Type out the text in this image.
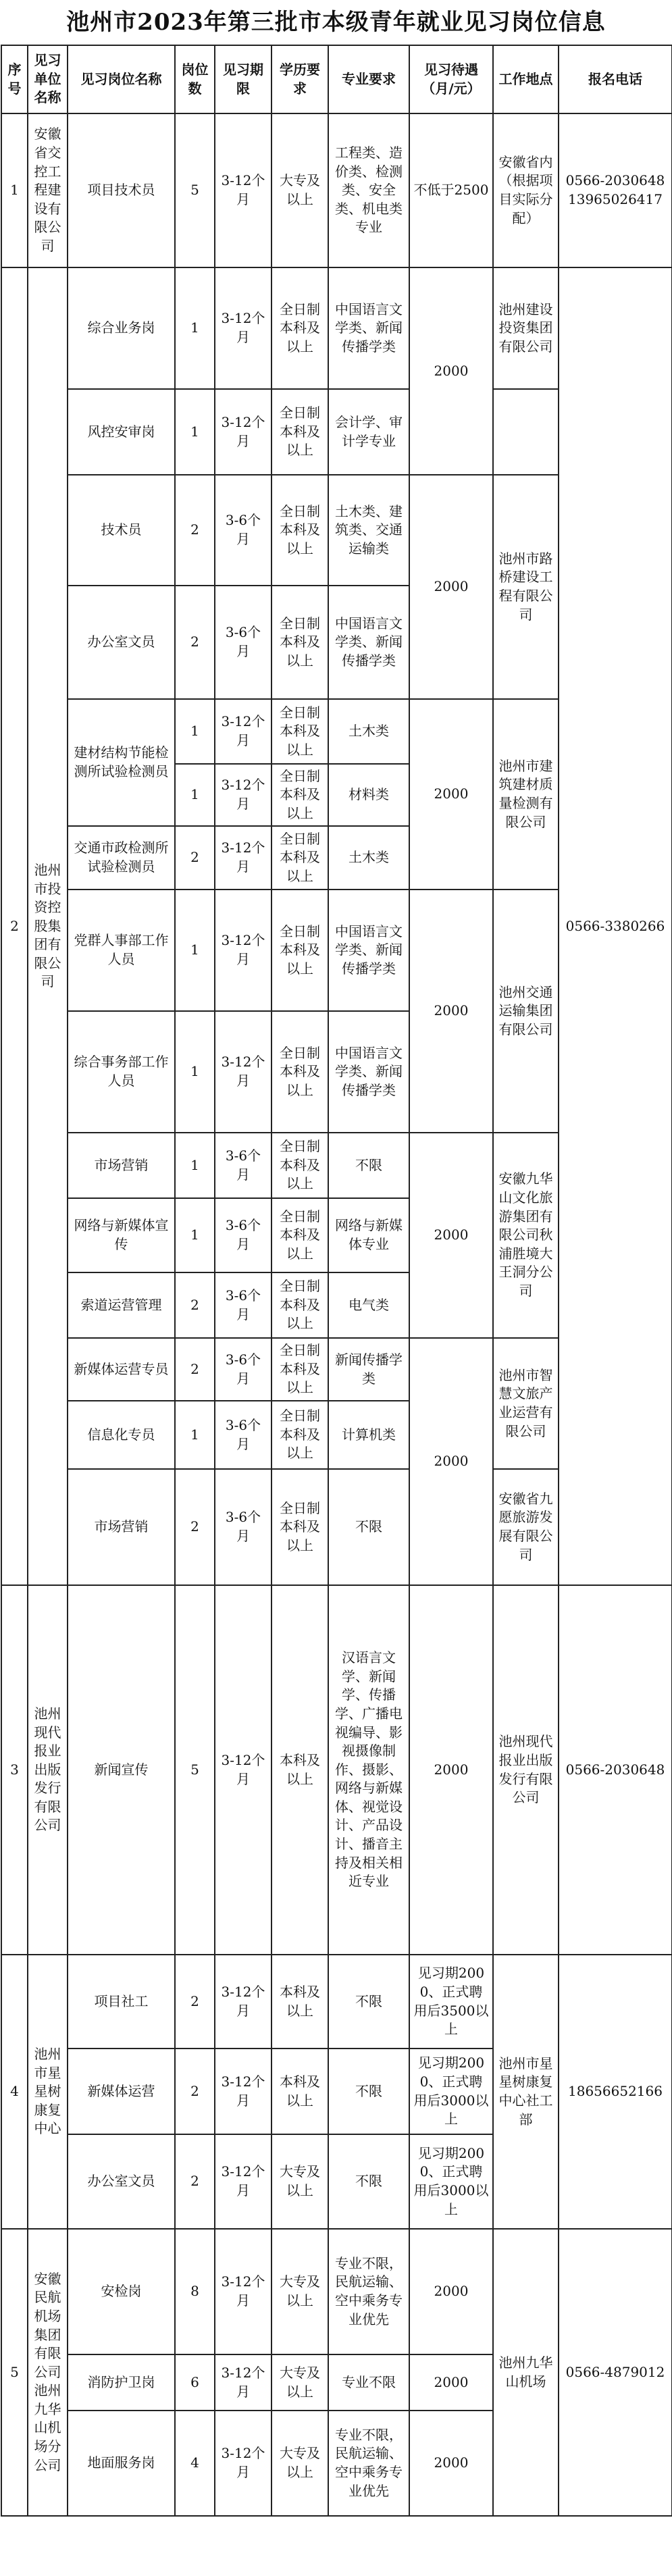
池州市2023年第三批市本级青年就业见习岗位信息
序号	见习单位名称	见习岗位名称	岗位数	见习期限	学历要求	专业要求	见习待遇（月/元）	工作地点	报名电话
1	安徽省交控工程建设有限公司	项目技术员	5	3-12个月	大专及以上	工程类、造价类、检测类、安全类、机电类专业	不低于2500	安徽省内（根据项目实际分配）	0566-2030648 13965026417
2	池州市投资控股集团有限公司	综合业务岗	1	3-12个月	全日制本科及以上	中国语言文学类、新闻传播学类	2000	池州建设投资集团有限公司	0566-3380266
		风控安审岗	1	3-12个月	全日制本科及以上	会计学、审计学专业			
		技术员	2	3-6个月	全日制本科及以上	土木类、建筑类、交通运输类	2000	池州市路桥建设工程有限公司	
		办公室文员	2	3-6个月	全日制本科及以上	中国语言文学类、新闻传播学类			
		建材结构节能检测所试验检测员	1	3-12个月	全日制本科及以上	土木类	2000	池州市建筑建材质量检测有限公司	
			1	3-12个月	全日制本科及以上	材料类			
		交通市政检测所试验检测员	2	3-12个月	全日制本科及以上	土木类			
		党群人事部工作人员	1	3-12个月	全日制本科及以上	中国语言文学类、新闻传播学类	2000	池州交通运输集团有限公司	
		综合事务部工作人员	1	3-12个月	全日制本科及以上	中国语言文学类、新闻传播学类			
		市场营销	1	3-6个月	全日制本科及以上	不限	2000	安徽九华山文化旅游集团有限公司秋浦胜境大王洞分公司	
		网络与新媒体宣传	1	3-6个月	全日制本科及以上	网络与新媒体专业			
		索道运营管理	2	3-6个月	全日制本科及以上	电气类			
		新媒体运营专员	2	3-6个月	全日制本科及以上	新闻传播学类	2000	池州市智慧文旅产业运营有限公司	
		信息化专员	1	3-6个月	全日制本科及以上	计算机类			
		市场营销	2	3-6个月	全日制本科及以上	不限		安徽省九愿旅游发展有限公司	
3	池州现代报业出版发行有限公司	新闻宣传	5	3-12个月	本科及以上	汉语言文学、新闻学、传播学、广播电视编导、影视摄像制作、摄影、网络与新媒体、视觉设计、产品设计、播音主持及相关相近专业	2000	池州现代报业出版发行有限公司	0566-2030648
4	池州市星星树康复中心	项目社工	2	3-12个月	本科及以上	不限	见习期2000、正式聘用后3500以上	池州市星星树康复中心社工部	18656652166
		新媒体运营	2	3-12个月	本科及以上	不限	见习期2000、正式聘用后3000以上		
		办公室文员	2	3-12个月	大专及以上	不限	见习期2000、正式聘用后3000以上		
5	安徽民航机场集团有限公司池州九华山机场分公司	安检岗	8	3-12个月	大专及以上	专业不限，民航运输、空中乘务专业优先	2000	池州九华山机场	0566-4879012
		消防护卫岗	6	3-12个月	大专及以上	专业不限	2000		
		地面服务岗	4	3-12个月	大专及以上	专业不限，民航运输、空中乘务专业优先	2000		
